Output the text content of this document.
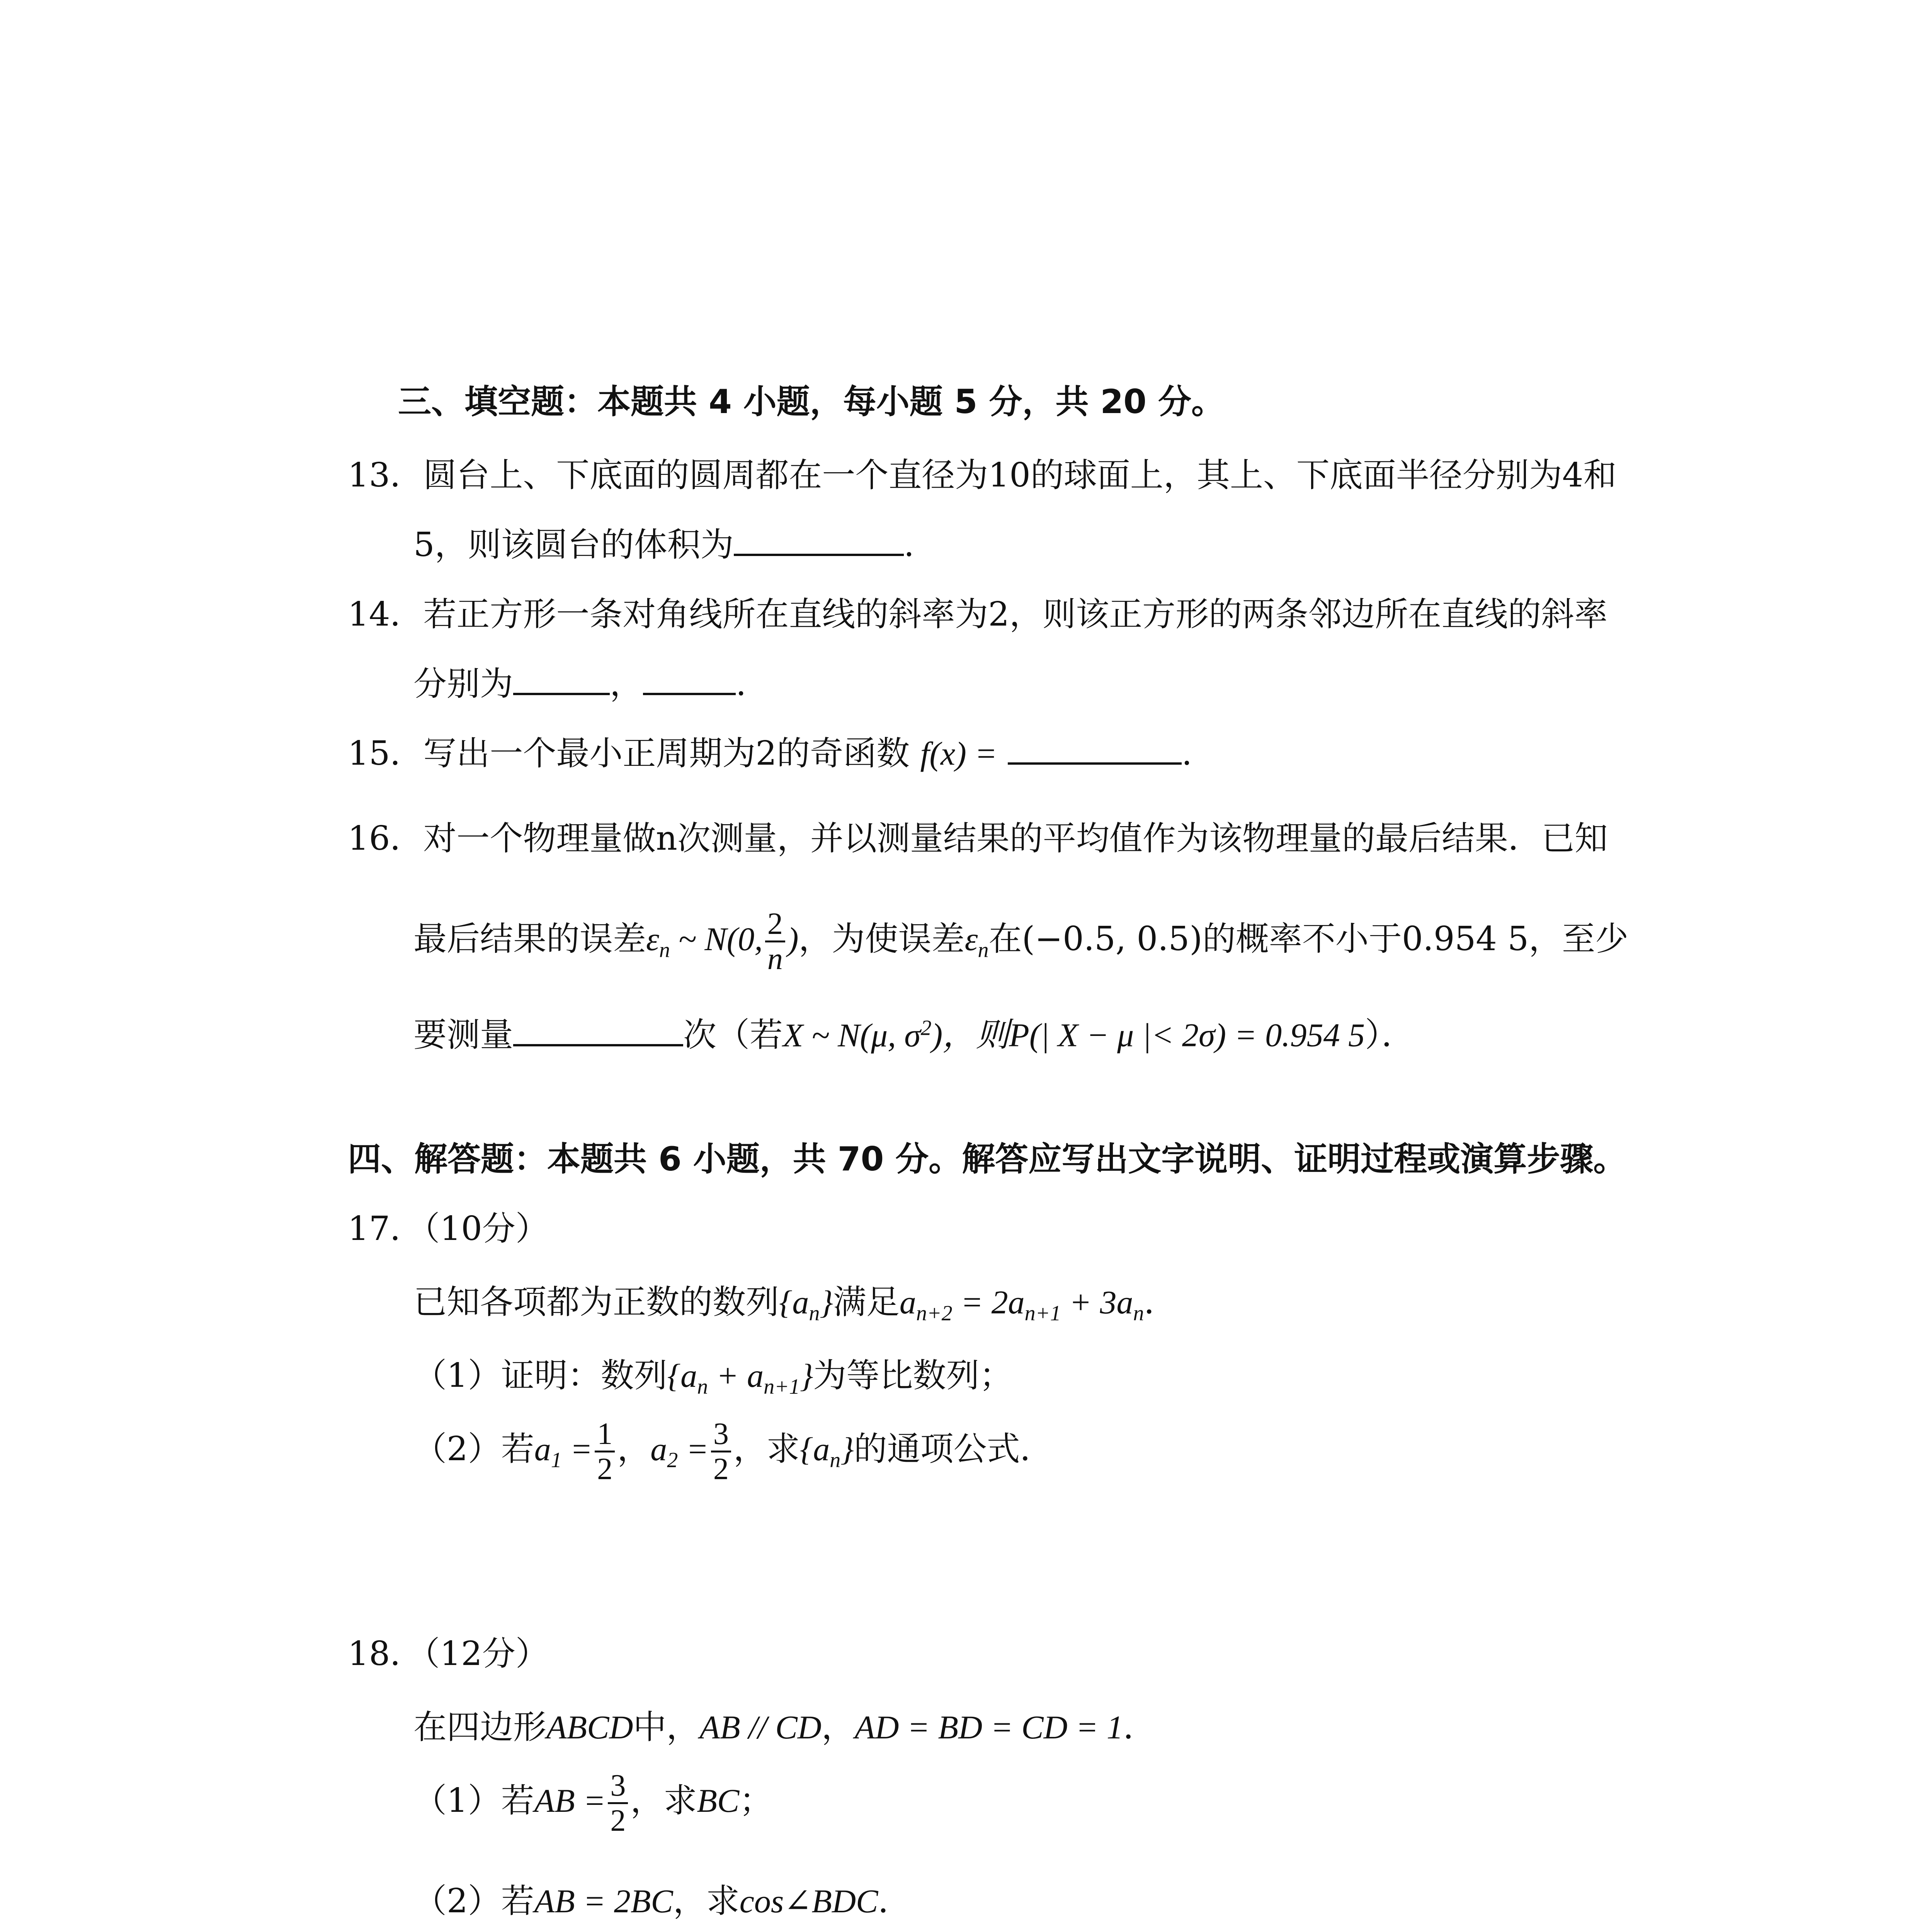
三、填空题：本题共 4 小题，每小题 5 分，共 20 分。
13．圆台上、下底面的圆周都在一个直径为10的球面上，其上、下底面半径分别为4和
5，则该圆台的体积为	.
14．若正方形一条对角线所在直线的斜率为2，则该正方形的两条邻边所在直线的斜率
分别为	，	.
15．写出一个最小正周期为2的奇函数 f(x) =	.
16．对一个物理量做n次测量，并以测量结果的平均值作为该物理量的最后结果．已知
最后结果的误差$\varepsilon_n$ ~ N(0, $\frac{2}{n}$ )，为使误差$\varepsilon_n$在(−0.5, 0.5)的概率不小于0.954 5，至少
要测量	次（若X ~ N(μ, $\sigma^2$)，则P(| X − μ |< 2σ) = 0.954 5）．
四、解答题：本题共 6 小题，共 70 分。解答应写出文字说明、证明过程或演算步骤。
17．（10分）
已知各项都为正数的数列$\{a_n\}$满足$a_{n+2} = 2a_{n+1} + 3a_n$．
（1）证明：数列$\{a_n + a_{n+1}\}$为等比数列；
（2）若$a_1 = \frac{1}{2}$ ，$a_2 = \frac{3}{2}$ ，求$\{a_n\}$的通项公式．
18．（12分）
在四边形ABCD中，AB // CD，AD = BD = CD = 1．
（1）若AB = $\frac{3}{2}$ ，求BC；
（2）若AB = 2BC，求cos∠BDC．
